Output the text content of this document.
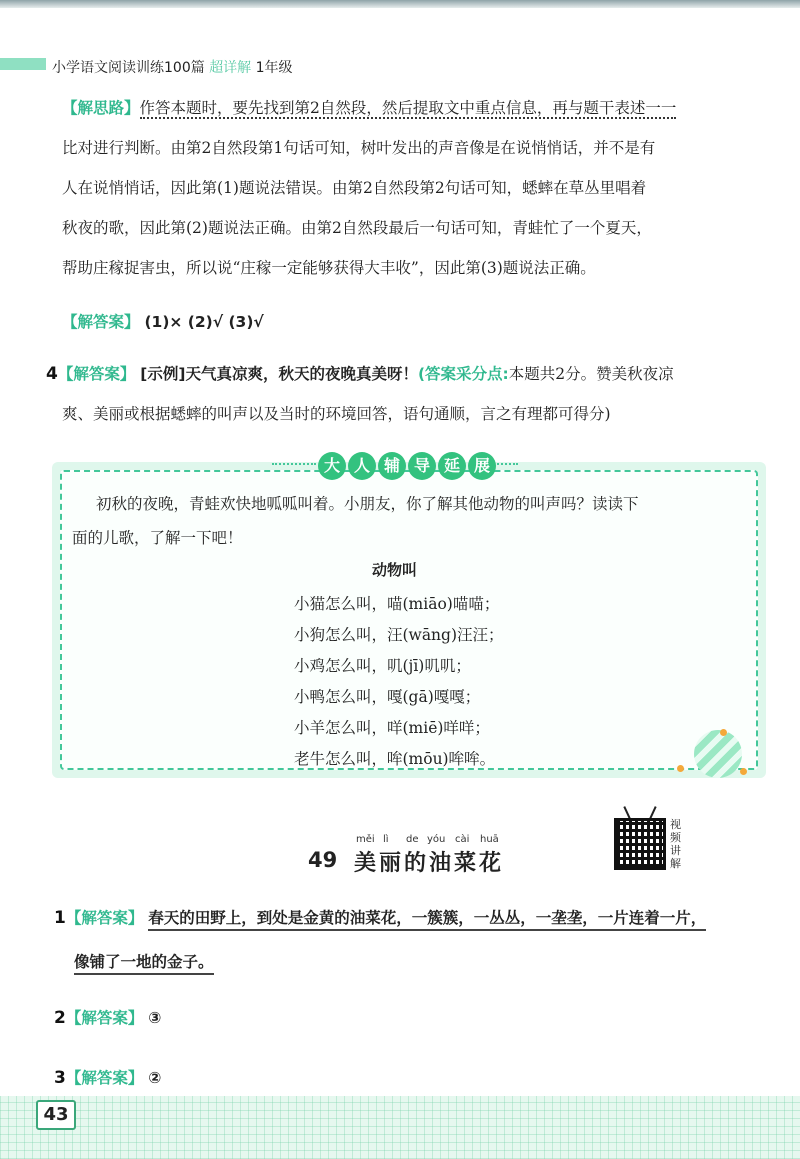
小学语文阅读训练100篇 超详解 1年级
【解思路】作答本题时，要先找到第2自然段，然后提取文中重点信息，再与题干表述一一
比对进行判断。由第2自然段第1句话可知，树叶发出的声音像是在说悄悄话，并不是有
人在说悄悄话，因此第(1)题说法错误。由第2自然段第2句话可知，蟋蟀在草丛里唱着
秋夜的歌，因此第(2)题说法正确。由第2自然段最后一句话可知，青蛙忙了一个夏天，
帮助庄稼捉害虫，所以说“庄稼一定能够获得大丰收”，因此第(3)题说法正确。
【解答案】 (1)× (2)√ (3)√
4【解答案】 [示例]天气真凉爽，秋天的夜晚真美呀！(答案采分点:本题共2分。赞美秋夜凉
爽、美丽或根据蟋蟀的叫声以及当时的环境回答，语句通顺，言之有理都可得分)
大 人 辅 导 延 展
初秋的夜晚，青蛙欢快地呱呱叫着。小朋友，你了解其他动物的叫声吗？读读下
面的儿歌，了解一下吧！
动物叫
小猫怎么叫，喵(miāo)喵喵；
小狗怎么叫，汪(wāng)汪汪；
小鸡怎么叫，叽(jī)叽叽；
小鸭怎么叫，嘎(gā)嘎嘎；
小羊怎么叫，咩(miē)咩咩；
老牛怎么叫，哞(mōu)哞哞。
měi lì de yóu cài huā
49 美丽的油菜花
视频讲解
1【解答案】 春天的田野上，到处是金黄的油菜花，一簇簇，一丛丛，一垄垄，一片连着一片，
像铺了一地的金子。
2【解答案】 ③
3【解答案】 ②
43
